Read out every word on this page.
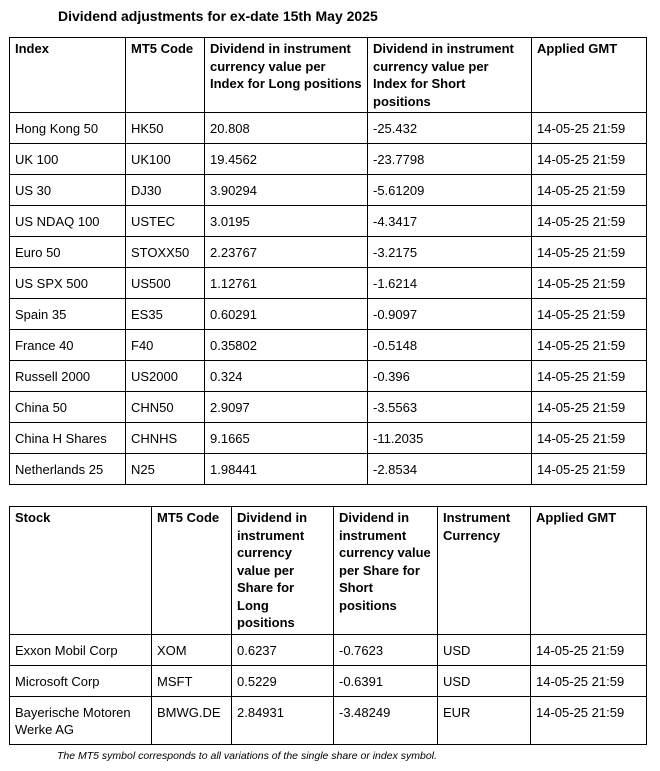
Dividend adjustments for ex-date 15th May 2025
Index	MT5 Code	Dividend in instrument currency value per Index for Long positions	Dividend in instrument currency value per Index for Short positions	Applied GMT
Hong Kong 50	HK50	20.808	-25.432	14-05-25 21:59
UK 100	UK100	19.4562	-23.7798	14-05-25 21:59
US 30	DJ30	3.90294	-5.61209	14-05-25 21:59
US NDAQ 100	USTEC	3.0195	-4.3417	14-05-25 21:59
Euro 50	STOXX50	2.23767	-3.2175	14-05-25 21:59
US SPX 500	US500	1.12761	-1.6214	14-05-25 21:59
Spain 35	ES35	0.60291	-0.9097	14-05-25 21:59
France 40	F40	0.35802	-0.5148	14-05-25 21:59
Russell 2000	US2000	0.324	-0.396	14-05-25 21:59
China 50	CHN50	2.9097	-3.5563	14-05-25 21:59
China H Shares	CHNHS	9.1665	-11.2035	14-05-25 21:59
Netherlands 25	N25	1.98441	-2.8534	14-05-25 21:59
Stock	MT5 Code	Dividend in instrument currency value per Share for Long positions	Dividend in instrument currency value per Share for Short positions	Instrument Currency	Applied GMT
Exxon Mobil Corp	XOM	0.6237	-0.7623	USD	14-05-25 21:59
Microsoft Corp	MSFT	0.5229	-0.6391	USD	14-05-25 21:59
Bayerische Motoren Werke AG	BMWG.DE	2.84931	-3.48249	EUR	14-05-25 21:59
The MT5 symbol corresponds to all variations of the single share or index symbol.
